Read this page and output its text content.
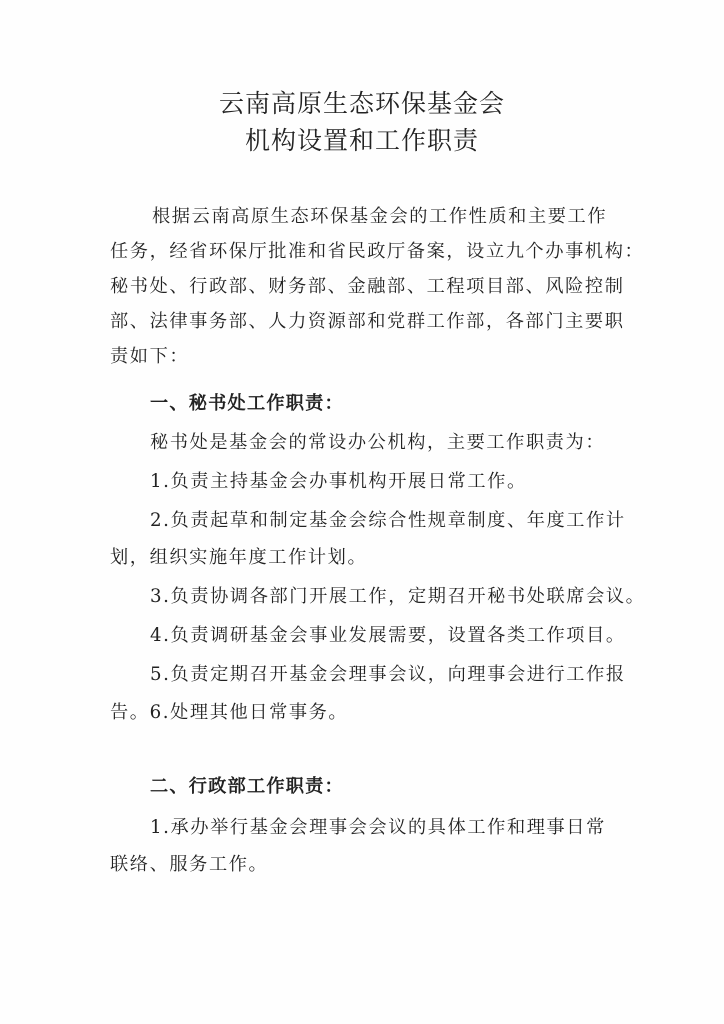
云南高原生态环保基金会
机构设置和工作职责
根据云南高原生态环保基金会的工作性质和主要工作
任务，经省环保厅批准和省民政厅备案，设立九个办事机构：
秘书处、行政部、财务部、金融部、工程项目部、风险控制
部、法律事务部、人力资源部和党群工作部，各部门主要职
责如下：
一、秘书处工作职责：
秘书处是基金会的常设办公机构，主要工作职责为：
1.负责主持基金会办事机构开展日常工作。
2.负责起草和制定基金会综合性规章制度、年度工作计
划，组织实施年度工作计划。
3.负责协调各部门开展工作，定期召开秘书处联席会议。
4.负责调研基金会事业发展需要，设置各类工作项目。
5.负责定期召开基金会理事会议，向理事会进行工作报
告。6.处理其他日常事务。
二、行政部工作职责：
1.承办举行基金会理事会会议的具体工作和理事日常
联络、服务工作。
